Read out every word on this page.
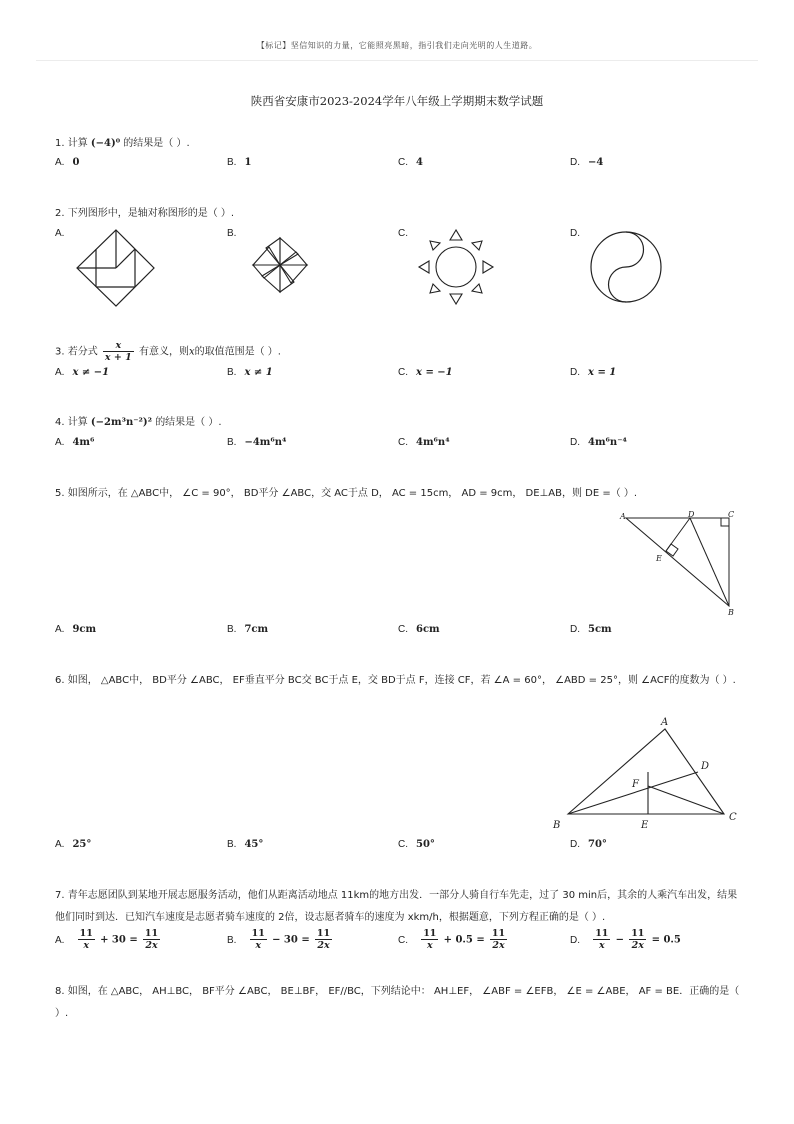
【标记】坚信知识的力量，它能照亮黑暗，指引我们走向光明的人生道路。
陕西省安康市2023-2024学年八年级上学期期末数学试题
1. 计算 (−4)⁰ 的结果是（ ）.
A. 0	B. 1	C. 4	D. −4
2. 下列图形中，是轴对称图形的是（ ）.
A.	B.	C.	D.
3. 若分式 $\frac{x}{x + 1}$ 有意义，则x的取值范围是（ ）.
A. x ≠ −1	B. x ≠ 1	C. x = −1	D. x = 1
4. 计算 (−2m³n⁻²)² 的结果是（ ）.
A. 4m⁶	B. −4m⁶n⁴	C. 4m⁶n⁴	D. 4m⁶n⁻⁴
5. 如图所示，在 △ABC中， ∠C = 90°， BD平分 ∠ABC，交 AC于点 D， AC = 15cm， AD = 9cm， DE⊥AB，则 DE =（ ）.
A	D	C
E
B
A. 9cm	B. 7cm	C. 6cm	D. 5cm
6. 如图， △ABC中， BD平分 ∠ABC， EF垂直平分 BC交 BC于点 E，交 BD于点 F，连接 CF，若 ∠A = 60°， ∠ABD = 25°，则 ∠ACF的度数为（ ）.
A
D
F
B	E
C
A. 25°	B. 45°	C. 50°	D. 70°
7. 青年志愿团队到某地开展志愿服务活动，他们从距离活动地点 11km的地方出发．一部分人骑自行车先走，过了 30 min后，其余的人乘汽车出发，结果他们同时到达．已知汽车速度是志愿者骑车速度的 2倍，设志愿者骑车的速度为 xkm/h，根据题意，下列方程正确的是（ ）.
A. $\frac{11}{x} + 30 = \frac{11}{2x}$	B. $\frac{11}{x} - 30 = \frac{11}{2x}$	C. $\frac{11}{x} + 0.5 = \frac{11}{2x}$	D. $\frac{11}{x} - \frac{11}{2x} = 0.5$
8. 如图，在 △ABC， AH⊥BC， BF平分 ∠ABC， BE⊥BF， EF//BC，下列结论中： AH⊥EF， ∠ABF = ∠EFB， ∠E = ∠ABE， AF = BE．正确的是（ ）.
